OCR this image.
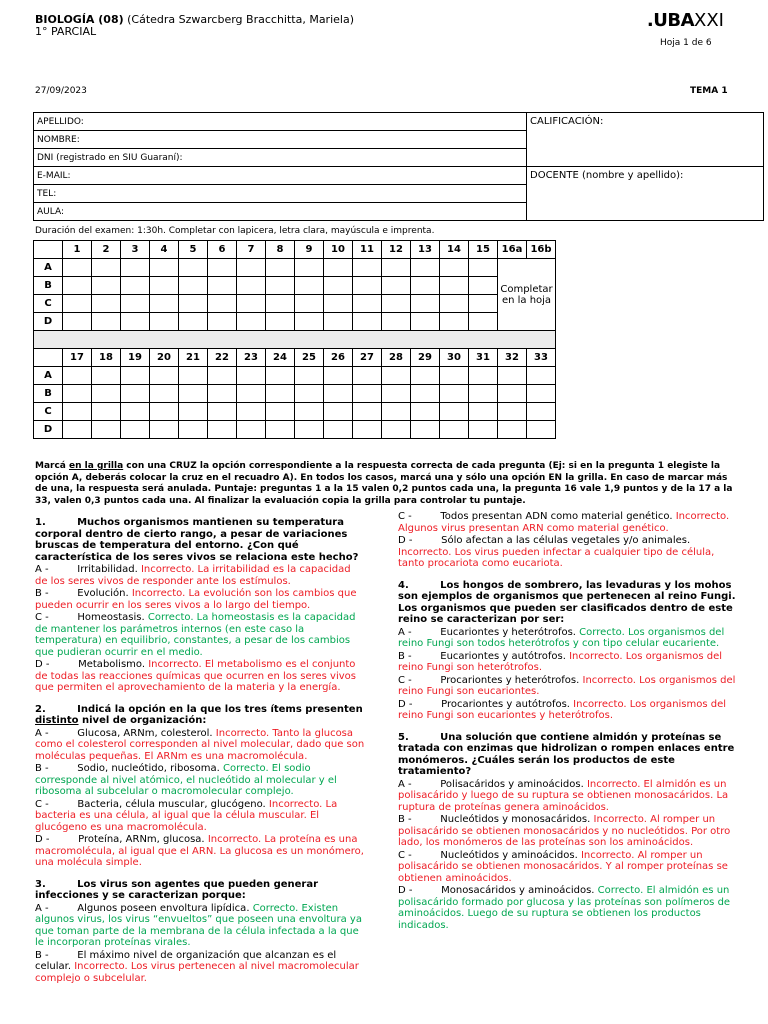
BIOLOGÍA (08) (Cátedra Szwarcberg Bracchitta, Mariela)
1° PARCIAL
.UBAXXI
Hoja 1 de 6
27/09/2023	TEMA 1
APELLIDO:	CALIFICACIÓN:
NOMBRE:	
DNI (registrado en SIU Guaraní):	
E-MAIL:	DOCENTE (nombre y apellido):
TEL:	
AULA:	
Duración del examen: 1:30h. Completar con lapicera, letra clara, mayúscula e imprenta.
	1	2	3	4	5	6	7	8	9	10	11	12	13	14	15	16a	16b
A																Completar en la hoja	
B																	
C																	
D																	

	17	18	19	20	21	22	23	24	25	26	27	28	29	30	31	32	33
A																	
B																	
C																	
D																	
Marcá en la grilla con una CRUZ la opción correspondiente a la respuesta correcta de cada pregunta (Ej: si en la pregunta 1 elegiste la opción A, deberás colocar la cruz en el recuadro A). En todos los casos, marcá una y sólo una opción EN la grilla. En caso de marcar más de una, la respuesta será anulada. Puntaje: preguntas 1 a la 15 valen 0,2 puntos cada una, la pregunta 16 vale 1,9 puntos y de la 17 a la 33, valen 0,3 puntos cada una. Al finalizar la evaluación copia la grilla para controlar tu puntaje.
1.	Muchos organismos mantienen su temperatura corporal dentro de cierto rango, a pesar de variaciones bruscas de temperatura del entorno. ¿Con qué característica de los seres vivos se relaciona este hecho?
A -	Irritabilidad. Incorrecto. La irritabilidad es la capacidad de los seres vivos de responder ante los estímulos.
B -	Evolución. Incorrecto. La evolución son los cambios que pueden ocurrir en los seres vivos a lo largo del tiempo.
C -	Homeostasis. Correcto. La homeostasis es la capacidad de mantener los parámetros internos (en este caso la temperatura) en equilibrio, constantes, a pesar de los cambios que pudieran ocurrir en el medio.
D -	Metabolismo. Incorrecto. El metabolismo es el conjunto de todas las reacciones químicas que ocurren en los seres vivos que permiten el aprovechamiento de la materia y la energía.
2.	Indicá la opción en la que los tres ítems presenten distinto nivel de organización:
A -	Glucosa, ARNm, colesterol. Incorrecto. Tanto la glucosa como el colesterol corresponden al nivel molecular, dado que son moléculas pequeñas. El ARNm es una macromolécula.
B -	Sodio, nucleótido, ribosoma. Correcto. El sodio corresponde al nivel atómico, el nucleótido al molecular y el ribosoma al subcelular o macromolecular complejo.
C -	Bacteria, célula muscular, glucógeno. Incorrecto. La bacteria es una célula, al igual que la célula muscular. El glucógeno es una macromolécula.
D -	Proteína, ARNm, glucosa. Incorrecto. La proteína es una macromolécula, al igual que el ARN. La glucosa es un monómero, una molécula simple.
3.	Los virus son agentes que pueden generar infecciones y se caracterizan porque:
A -	Algunos poseen envoltura lipídica. Correcto. Existen algunos virus, los virus “envueltos” que poseen una envoltura ya que toman parte de la membrana de la célula infectada a la que le incorporan proteínas virales.
B -	El máximo nivel de organización que alcanzan es el celular. Incorrecto. Los virus pertenecen al nivel macromolecular complejo o subcelular.
C -	Todos presentan ADN como material genético. Incorrecto. Algunos virus presentan ARN como material genético.
D -	Sólo afectan a las células vegetales y/o animales. Incorrecto. Los virus pueden infectar a cualquier tipo de célula, tanto procariota como eucariota.
4.	Los hongos de sombrero, las levaduras y los mohos son ejemplos de organismos que pertenecen al reino Fungi. Los organismos que pueden ser clasificados dentro de este reino se caracterizan por ser:
A -	Eucariontes y heterótrofos. Correcto. Los organismos del reino Fungi son todos heterótrofos y con tipo celular eucariente.
B -	Eucariontes y autótrofos. Incorrecto. Los organismos del reino Fungi son heterótrofos.
C -	Procariontes y heterótrofos. Incorrecto. Los organismos del reino Fungi son eucariontes.
D -	Procariontes y autótrofos. Incorrecto. Los organismos del reino Fungi son eucariontes y heterótrofos.
5.	Una solución que contiene almidón y proteínas se tratada con enzimas que hidrolizan o rompen enlaces entre monómeros. ¿Cuáles serán los productos de este tratamiento?
A -	Polisacáridos y aminoácidos. Incorrecto. El almidón es un polisacárido y luego de su ruptura se obtienen monosacáridos. La ruptura de proteínas genera aminoácidos.
B -	Nucleótidos y monosacáridos. Incorrecto. Al romper un polisacárido se obtienen monosacáridos y no nucleótidos. Por otro lado, los monómeros de las proteínas son los aminoácidos.
C -	Nucleótidos y aminoácidos. Incorrecto. Al romper un polisacárido se obtienen monosacáridos. Y al romper proteínas se obtienen aminoácidos.
D -	Monosacáridos y aminoácidos. Correcto. El almidón es un polisacárido formado por glucosa y las proteínas son polímeros de aminoácidos. Luego de su ruptura se obtienen los productos indicados.
